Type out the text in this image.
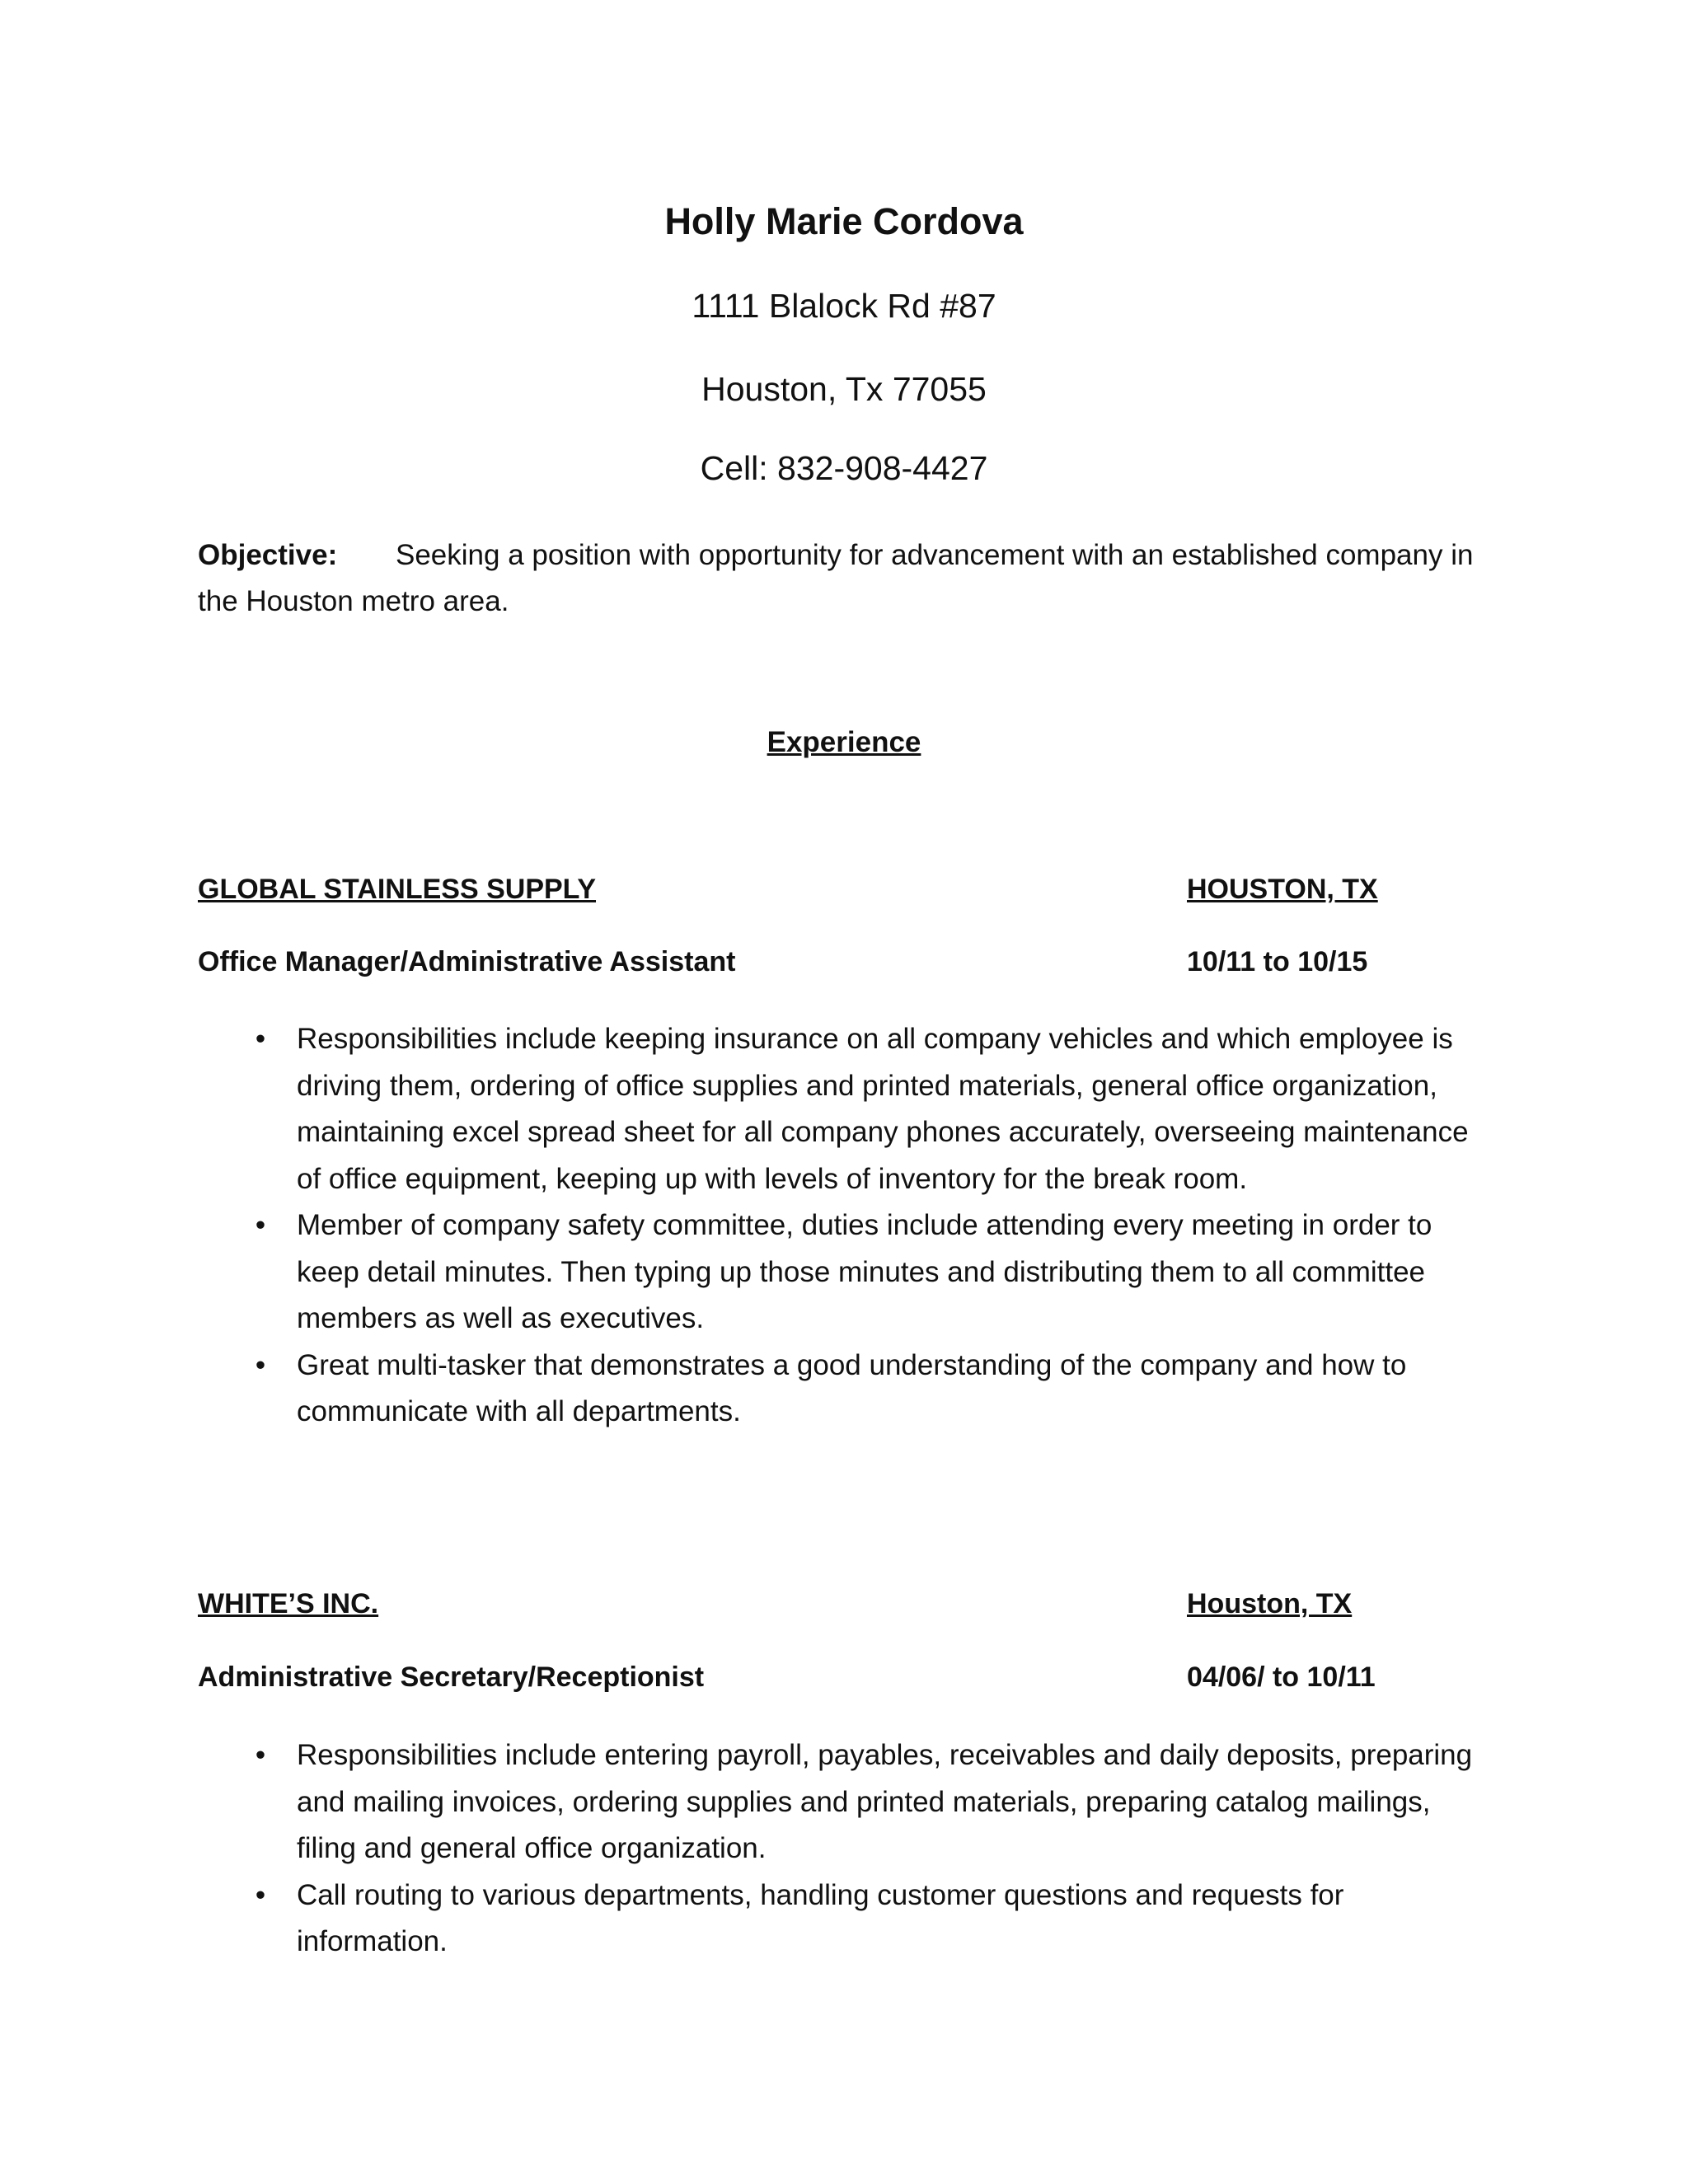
Holly Marie Cordova
1111 Blalock Rd #87
Houston, Tx 77055
Cell: 832-908-4427
Objective: Seeking a position with opportunity for advancement with an established company in the Houston metro area.
Experience
GLOBAL STAINLESS SUPPLY	HOUSTON, TX
Office Manager/Administrative Assistant	10/11 to 10/15
• Responsibilities include keeping insurance on all company vehicles and which employee is driving them, ordering of office supplies and printed materials, general office organization, maintaining excel spread sheet for all company phones accurately, overseeing maintenance of office equipment, keeping up with levels of inventory for the break room.
• Member of company safety committee, duties include attending every meeting in order to keep detail minutes. Then typing up those minutes and distributing them to all committee members as well as executives.
• Great multi-tasker that demonstrates a good understanding of the company and how to communicate with all departments.
WHITE’S INC.	Houston, TX
Administrative Secretary/Receptionist	04/06/ to 10/11
• Responsibilities include entering payroll, payables, receivables and daily deposits, preparing and mailing invoices, ordering supplies and printed materials, preparing catalog mailings, filing and general office organization.
• Call routing to various departments, handling customer questions and requests for information.
